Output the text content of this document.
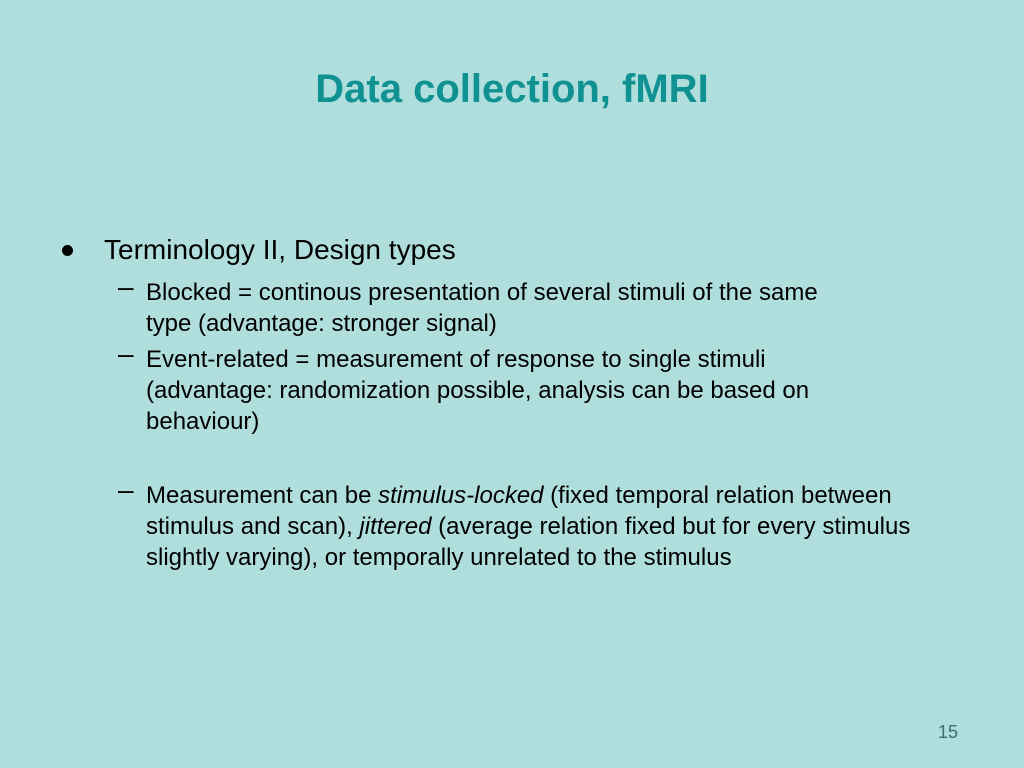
Data collection, fMRI
Terminology II, Design types
– Blocked = continous presentation of several stimuli of the same
type (advantage: stronger signal)
– Event-related = measurement of response to single stimuli
(advantage: randomization possible, analysis can be based on
behaviour)
– Measurement can be stimulus-locked (fixed temporal relation between stimulus and scan), jittered (average relation fixed but for every stimulus slightly varying), or temporally unrelated to the stimulus
15
